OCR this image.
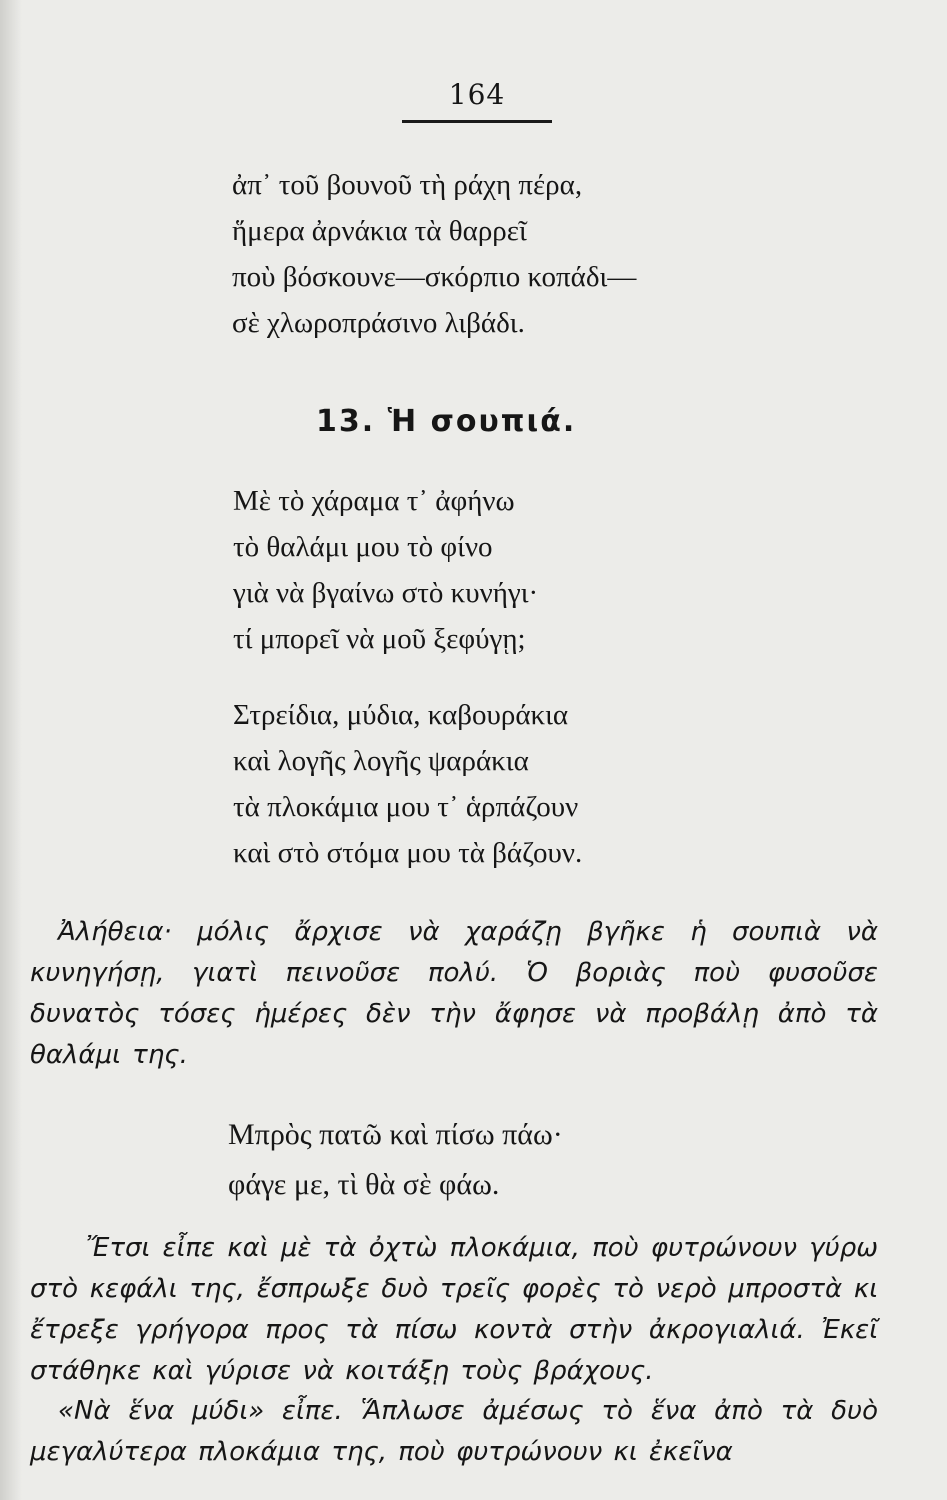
164
ἀπ᾽ τοῦ βουνοῦ τὴ ράχη πέρα,
ἥμερα ἀρνάκια τὰ θαρρεῖ
ποὺ βόσκουνε—σκόρπιο κοπάδι—
σὲ χλωροπράσινο λιβάδι.
13. Ἡ σουπιά.
Μὲ τὸ χάραμα τ᾽ ἀφήνω
τὸ θαλάμι μου τὸ φίνο
γιὰ νὰ βγαίνω στὸ κυνήγι·
τί μπορεῖ νὰ μοῦ ξεφύγῃ;
Στρείδια, μύδια, καβουράκια
καὶ λογῆς λογῆς ψαράκια
τὰ πλοκάμια μου τ᾽ ἁρπάζουν
καὶ στὸ στόμα μου τὰ βάζουν.

Ἀλήθεια· μόλις ἄρχισε νὰ χαράζῃ βγῆκε ἡ σουπιὰ νὰ κυνηγήσῃ, γιατὶ πεινοῦσε πολύ. Ὁ βοριὰς ποὺ φυσοῦσε δυνατὸς τόσες ἡμέρες δὲν τὴν ἄφησε νὰ προβάλῃ ἀπὸ τὰ θαλάμι της.

Μπρὸς πατῶ καὶ πίσω πάω·
φάγε με, τὶ θὰ σὲ φάω.

Ἔτσι εἶπε καὶ μὲ τὰ ὀχτὼ πλοκάμια, ποὺ φυτρώνουν γύρω στὸ κεφάλι της, ἔσπρωξε δυὸ τρεῖς φορὲς τὸ νερὸ μπροστὰ κι ἔτρεξε γρήγορα προς τὰ πίσω κοντὰ στὴν ἀκρογιαλιά. Ἐκεῖ στάθηκε καὶ γύρισε νὰ κοιτάξῃ τοὺς βράχους.

«Νὰ ἕνα μύδι» εἶπε. Ἅπλωσε ἀμέσως τὸ ἕνα ἀπὸ τὰ δυὸ μεγαλύτερα πλοκάμια της, ποὺ φυτρώνουν κι ἐκεῖνα
